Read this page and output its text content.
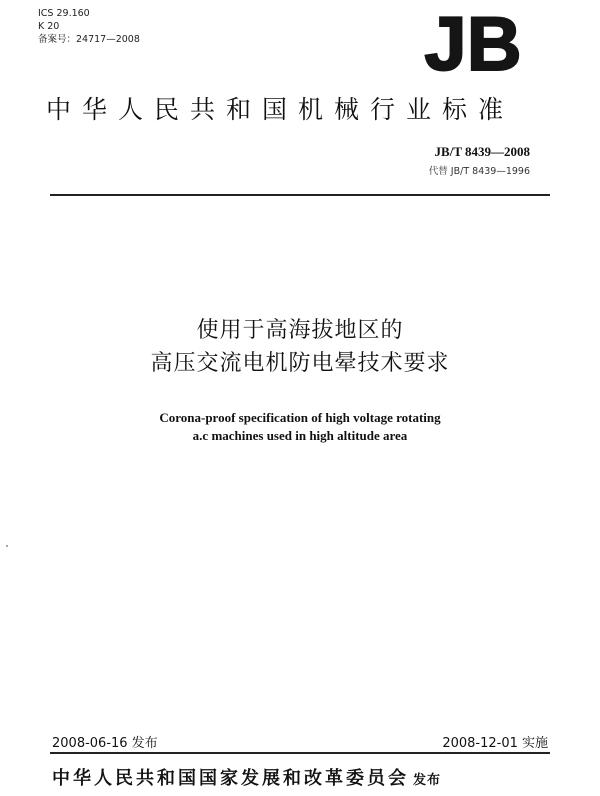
ICS 29.160
K 20
备案号：24717—2008	JB
中华人民共和国机械行业标准
JB/T 8439—2008
代替 JB/T 8439—1996
使用于高海拔地区的
高压交流电机防电晕技术要求
Corona-proof specification of high voltage rotating
a.c machines used in high altitude area
2008-06-16 发布	2008-12-01 实施
中华人民共和国国家发展和改革委员会 发布
